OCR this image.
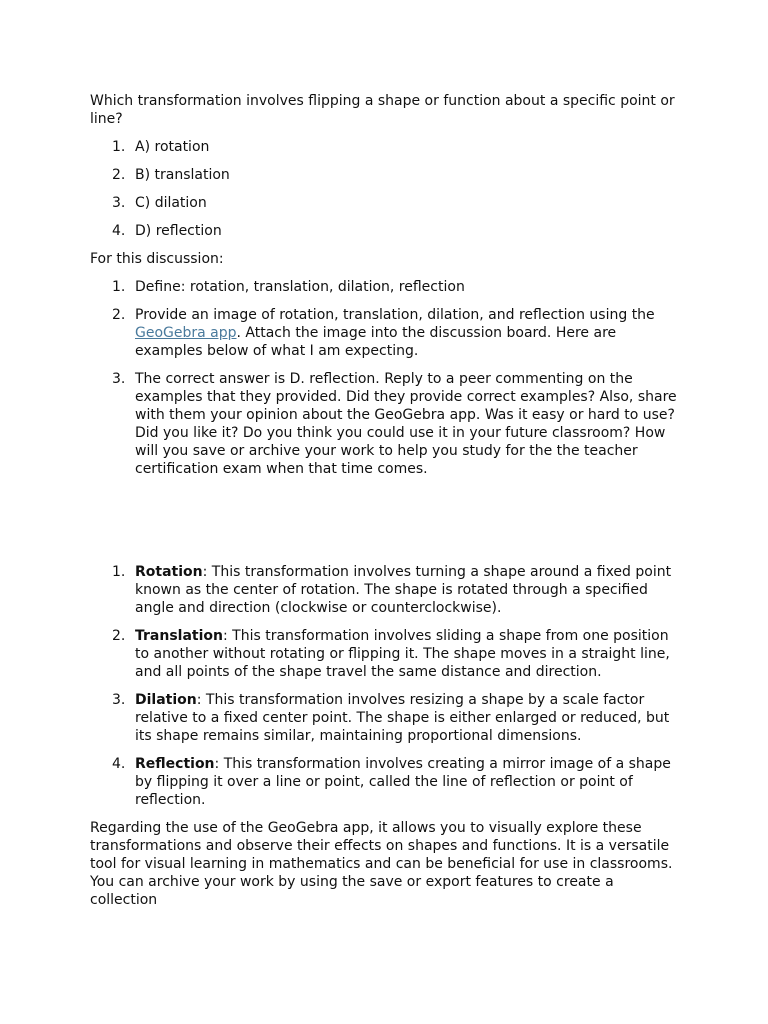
Which transformation involves flipping a shape or function about a specific point or line?

1. A) rotation
2. B) translation
3. C) dilation
4. D) reflection

For this discussion:

1. Define: rotation, translation, dilation, reflection
2. Provide an image of rotation, translation, dilation, and reflection using the GeoGebra app. Attach the image into the discussion board. Here are examples below of what I am expecting.
3. The correct answer is D. reflection. Reply to a peer commenting on the examples that they provided. Did they provide correct examples? Also, share with them your opinion about the GeoGebra app. Was it easy or hard to use? Did you like it? Do you think you could use it in your future classroom? How will you save or archive your work to help you study for the the teacher certification exam when that time comes.
1. Rotation: This transformation involves turning a shape around a fixed point known as the center of rotation. The shape is rotated through a specified angle and direction (clockwise or counterclockwise).
2. Translation: This transformation involves sliding a shape from one position to another without rotating or flipping it. The shape moves in a straight line, and all points of the shape travel the same distance and direction.
3. Dilation: This transformation involves resizing a shape by a scale factor relative to a fixed center point. The shape is either enlarged or reduced, but its shape remains similar, maintaining proportional dimensions.
4. Reflection: This transformation involves creating a mirror image of a shape by flipping it over a line or point, called the line of reflection or point of reflection.

Regarding the use of the GeoGebra app, it allows you to visually explore these transformations and observe their effects on shapes and functions. It is a versatile tool for visual learning in mathematics and can be beneficial for use in classrooms. You can archive your work by using the save or export features to create a collection
